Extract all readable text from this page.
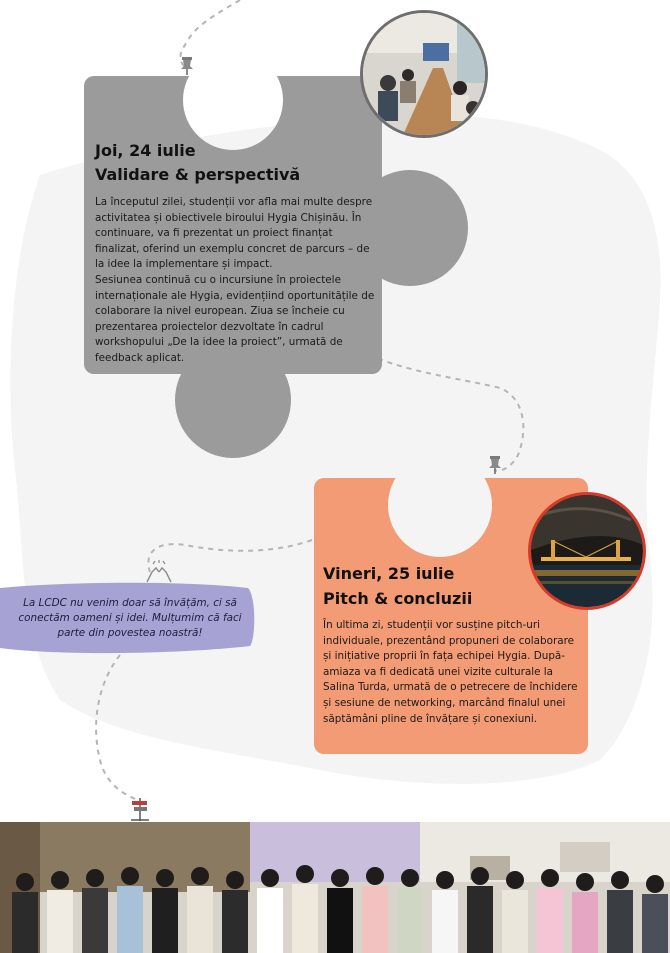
Joi, 24 iulie
Validare & perspectivă

La începutul zilei, studenții vor afla mai multe despre activitatea și obiectivele biroului Hygia Chișinău. În continuare, va fi prezentat un proiect finanțat finalizat, oferind un exemplu concret de parcurs – de la idee la implementare și impact.

Sesiunea continuă cu o incursiune în proiectele internaționale ale Hygia, evidențiind oportunitățile de colaborare la nivel european. Ziua se încheie cu prezentarea proiectelor dezvoltate în cadrul workshopului „De la idee la proiect”, urmată de feedback aplicat.

Vineri, 25 iulie
Pitch & concluzii
În ultima zi, studenții vor susține pitch-uri individuale, prezentând propuneri de colaborare și inițiative proprii în fața echipei Hygia. După-amiaza va fi dedicată unei vizite culturale la Salina Turda, urmată de o petrecere de închidere și sesiune de networking, marcând finalul unei săptămâni pline de învățare și conexiuni.
La LCDC nu venim doar să învățăm, ci să conectăm oameni și idei. Mulțumim că faci parte din povestea noastră!
